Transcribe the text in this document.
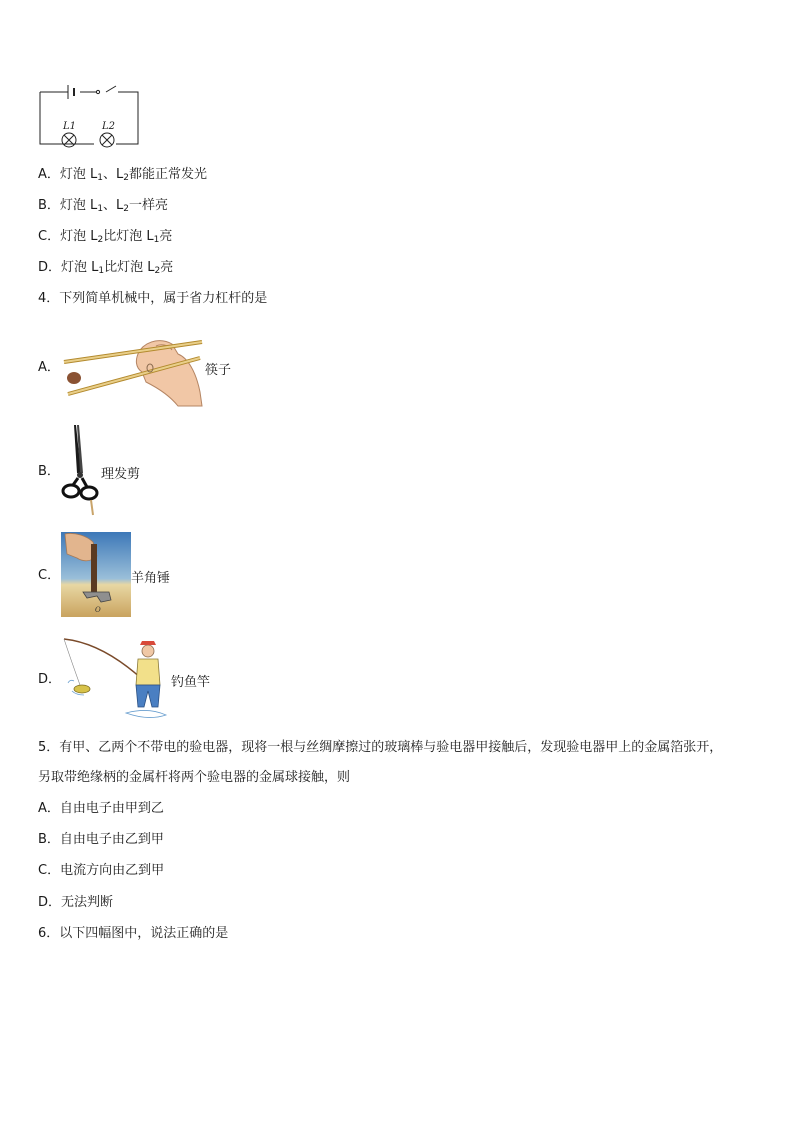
L1	L2
A．灯泡 $L_1$、$L_2$都能正常发光
B．灯泡 $L_1$、$L_2$一样亮
C．灯泡 $L_2$比灯泡 $L_1$亮
D．灯泡 $L_1$比灯泡 $L_2$亮
4．下列简单机械中，属于省力杠杆的是
A．	筷子
B．	理发剪
C．
O
羊角锤
D．	钓鱼竿
5．有甲、乙两个不带电的验电器，现将一根与丝绸摩擦过的玻璃棒与验电器甲接触后，发现验电器甲上的金属箔张开，
另取带绝缘柄的金属杆将两个验电器的金属球接触，则
A．自由电子由甲到乙
B．自由电子由乙到甲
C．电流方向由乙到甲
D．无法判断
6．以下四幅图中，说法正确的是
